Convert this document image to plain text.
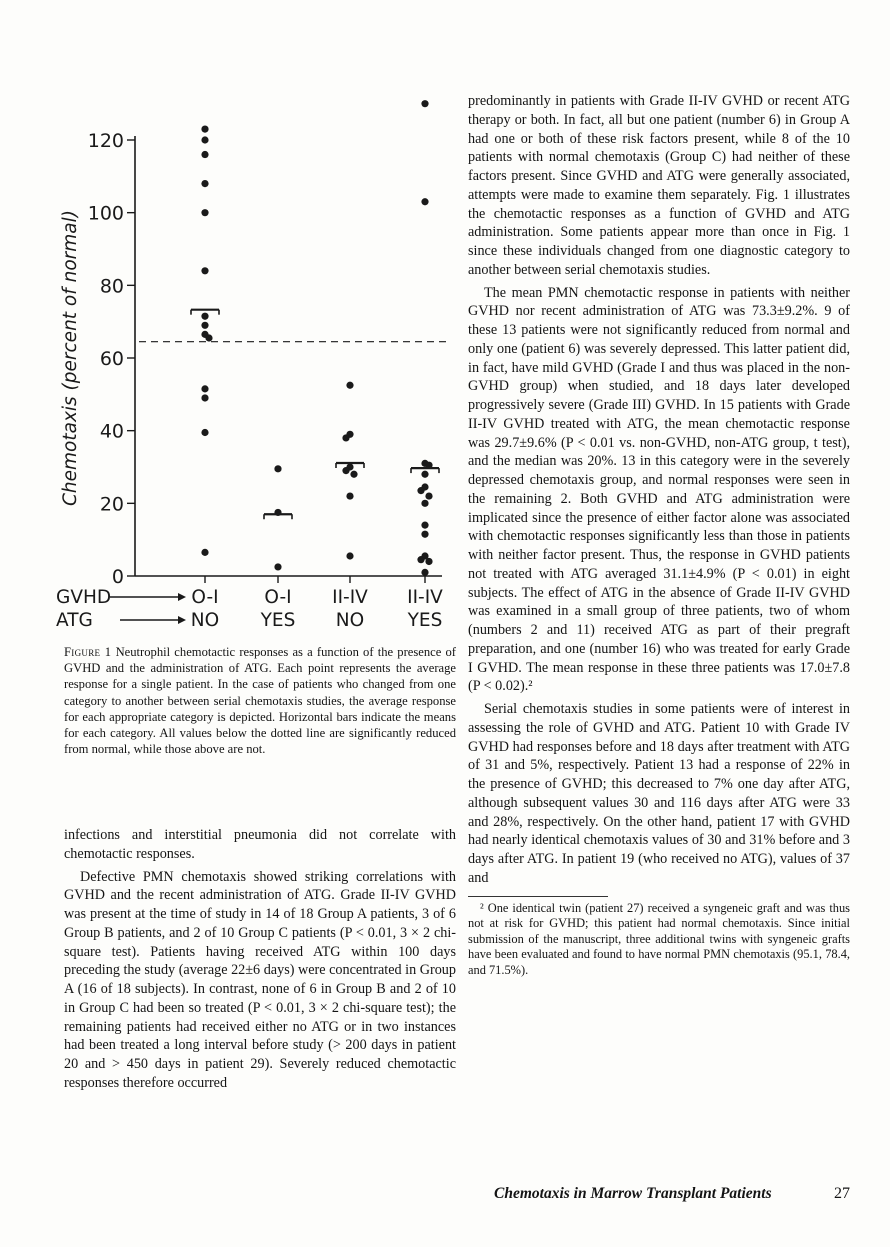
0
20
40
60
80
100
120
Chemotaxis (percent of normal)
GVHD
ATG
O-I
NO
O-I
YES
II-IV
NO
II-IV
YES

Figure 1 Neutrophil chemotactic responses as a function of the presence of GVHD and the administration of ATG. Each point represents the average response for a single patient. In the case of patients who changed from one category to another between serial chemotaxis studies, the average response for each appropriate category is depicted. Horizontal bars indicate the means for each category. All values below the dotted line are significantly reduced from normal, while those above are not.

infections and interstitial pneumonia did not correlate with chemotactic responses.

Defective PMN chemotaxis showed striking correlations with GVHD and the recent administration of ATG. Grade II-IV GVHD was present at the time of study in 14 of 18 Group A patients, 3 of 6 Group B patients, and 2 of 10 Group C patients (P < 0.01, 3 × 2 chi-square test). Patients having received ATG within 100 days preceding the study (average 22±6 days) were concentrated in Group A (16 of 18 subjects). In contrast, none of 6 in Group B and 2 of 10 in Group C had been so treated (P < 0.01, 3 × 2 chi-square test); the remaining patients had received either no ATG or in two instances had been treated a long interval before study (> 200 days in patient 20 and > 450 days in patient 29). Severely reduced chemotactic responses therefore occurred

predominantly in patients with Grade II-IV GVHD or recent ATG therapy or both. In fact, all but one patient (number 6) in Group A had one or both of these risk factors present, while 8 of the 10 patients with normal chemotaxis (Group C) had neither of these factors present. Since GVHD and ATG were generally associated, attempts were made to examine them separately. Fig. 1 illustrates the chemotactic responses as a function of GVHD and ATG administration. Some patients appear more than once in Fig. 1 since these individuals changed from one diagnostic category to another between serial chemotaxis studies.

The mean PMN chemotactic response in patients with neither GVHD nor recent administration of ATG was 73.3±9.2%. 9 of these 13 patients were not significantly reduced from normal and only one (patient 6) was severely depressed. This latter patient did, in fact, have mild GVHD (Grade I and thus was placed in the non-GVHD group) when studied, and 18 days later developed progressively severe (Grade III) GVHD. In 15 patients with Grade II-IV GVHD treated with ATG, the mean chemotactic response was 29.7±9.6% (P < 0.01 vs. non-GVHD, non-ATG group, t test), and the median was 20%. 13 in this category were in the severely depressed chemotaxis group, and normal responses were seen in the remaining 2. Both GVHD and ATG administration were implicated since the presence of either factor alone was associated with chemotactic responses significantly less than those in patients with neither factor present. Thus, the response in GVHD patients not treated with ATG averaged 31.1±4.9% (P < 0.01) in eight subjects. The effect of ATG in the absence of Grade II-IV GVHD was examined in a small group of three patients, two of whom (numbers 2 and 11) received ATG as part of their pregraft preparation, and one (number 16) who was treated for early Grade I GVHD. The mean response in these three patients was 17.0±7.8 (P < 0.02).²

Serial chemotaxis studies in some patients were of interest in assessing the role of GVHD and ATG. Patient 10 with Grade IV GVHD had responses before and 18 days after treatment with ATG of 31 and 5%, respectively. Patient 13 had a response of 22% in the presence of GVHD; this decreased to 7% one day after ATG, although subsequent values 30 and 116 days after ATG were 33 and 28%, respectively. On the other hand, patient 17 with GVHD had nearly identical chemotaxis values of 30 and 31% before and 3 days after ATG. In patient 19 (who received no ATG), values of 37 and

² One identical twin (patient 27) received a syngeneic graft and was thus not at risk for GVHD; this patient had normal chemotaxis. Since initial submission of the manuscript, three additional twins with syngeneic grafts have been evaluated and found to have normal PMN chemotaxis (95.1, 78.4, and 71.5%).

Chemotaxis in Marrow Transplant Patients	27
